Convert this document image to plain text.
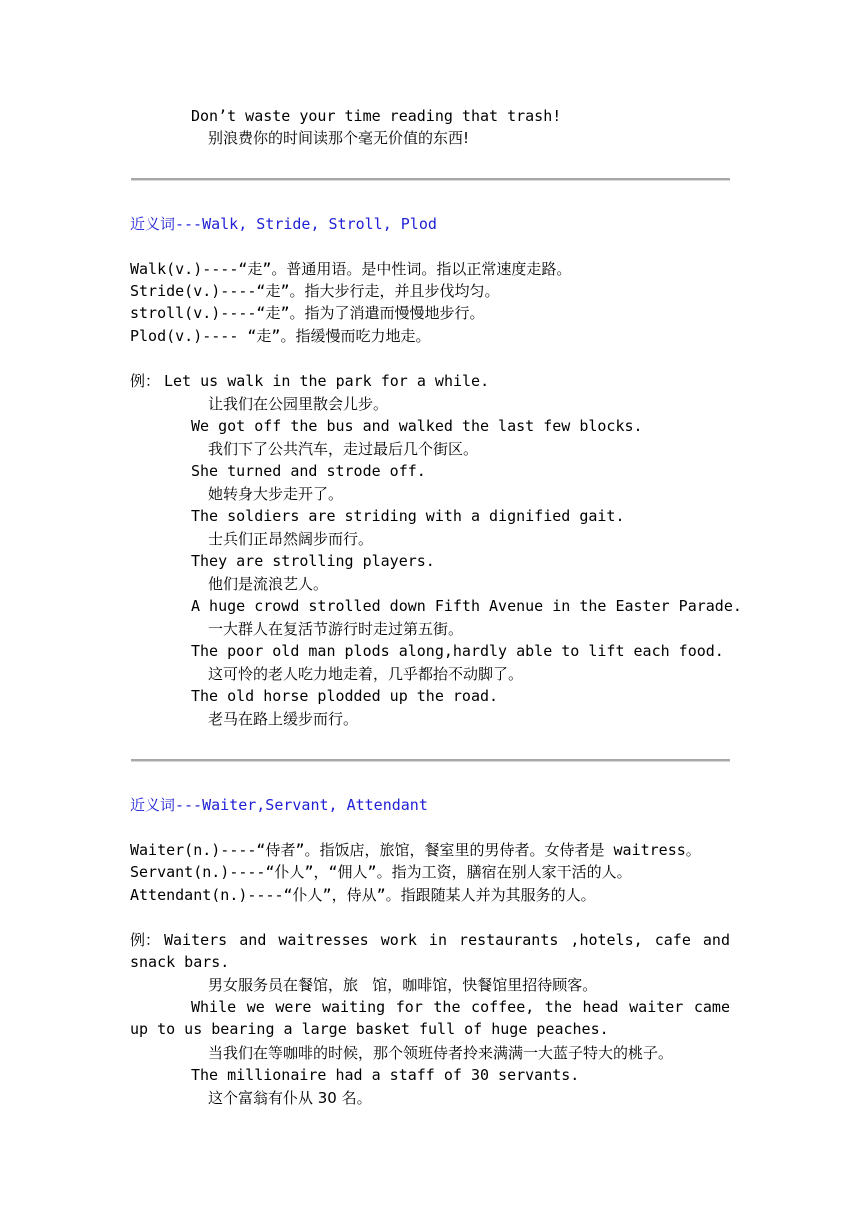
Don’t waste your time reading that trash!
别浪费你的时间读那个毫无价值的东西!
近义词---Walk, Stride, Stroll, Plod
Walk(v.)----“走”。普通用语。是中性词。指以正常速度走路。
Stride(v.)----“走”。指大步行走，并且步伐均匀。
stroll(v.)----“走”。指为了消遣而慢慢地步行。
Plod(v.)---- “走”。指缓慢而吃力地走。
例： Let us walk in the park for a while.
让我们在公园里散会儿步。
We got off the bus and walked the last few blocks.
我们下了公共汽车，走过最后几个街区。
She turned and strode off.
她转身大步走开了。
The soldiers are striding with a dignified gait.
士兵们正昂然阔步而行。
They are strolling players.
他们是流浪艺人。
A huge crowd strolled down Fifth Avenue in the Easter Parade.
一大群人在复活节游行时走过第五街。
The poor old man plods along,hardly able to lift each food.
这可怜的老人吃力地走着，几乎都抬不动脚了。
The old horse plodded up the road.
老马在路上缓步而行。
近义词---Waiter,Servant, Attendant
Waiter(n.)----“侍者”。指饭店，旅馆，餐室里的男侍者。女侍者是 waitress。
Servant(n.)----“仆人”，“佣人”。指为工资，膳宿在别人家干活的人。
Attendant(n.)----“仆人”，侍从”。指跟随某人并为其服务的人。
例： Waiters and waitresses work in restaurants ,hotels, cafe and snack bars.
男女服务员在餐馆，旅   馆，咖啡馆，快餐馆里招待顾客。
While we were waiting for the coffee, the head waiter came up to us bearing a large basket full of huge peaches.
当我们在等咖啡的时候，那个领班侍者拎来满满一大蓝子特大的桃子。
The millionaire had a staff of 30 servants.
这个富翁有仆从 30 名。
